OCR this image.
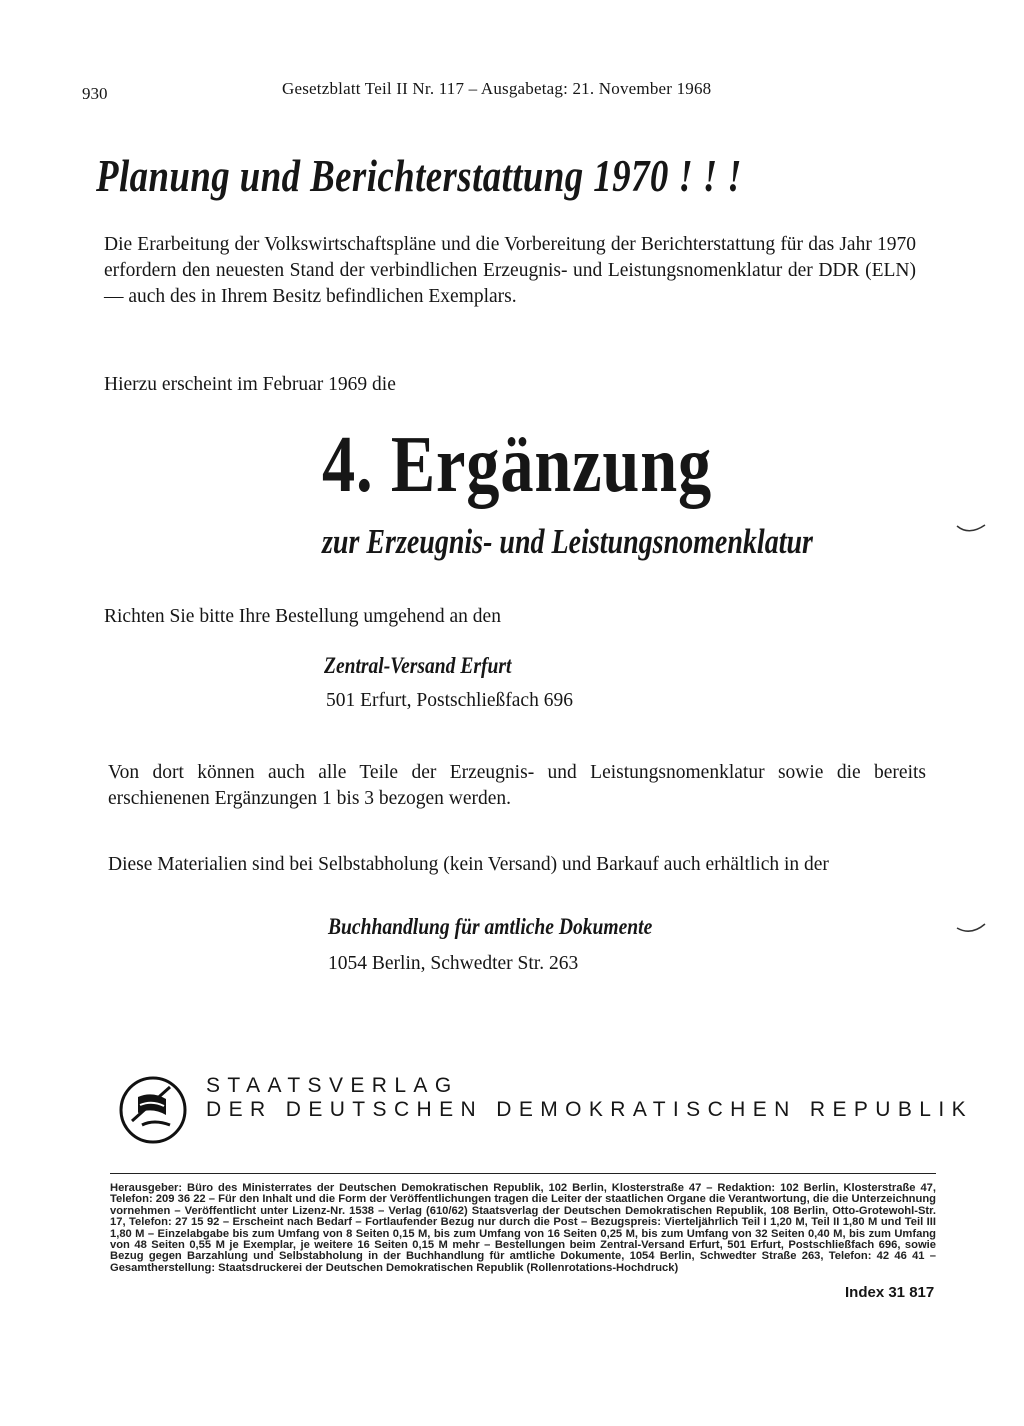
930	Gesetzblatt Teil II Nr. 117 – Ausgabetag: 21. November 1968
Planung und Berichterstattung 1970 ! ! !

Die Erarbeitung der Volkswirtschaftspläne und die Vorbereitung der Berichterstattung für das Jahr 1970 erfordern den neuesten Stand der verbindlichen Erzeugnis- und Leistungsnomenklatur der DDR (ELN) — auch des in Ihrem Besitz befindlichen Exemplars.

Hierzu erscheint im Februar 1969 die

4. Ergänzung
zur Erzeugnis- und Leistungsnomenklatur

Richten Sie bitte Ihre Bestellung umgehend an den

Zentral-Versand Erfurt
501 Erfurt, Postschließfach 696

Von dort können auch alle Teile der Erzeugnis- und Leistungsnomenklatur sowie die bereits erschienenen Ergänzungen 1 bis 3 bezogen werden.

Diese Materialien sind bei Selbstabholung (kein Versand) und Barkauf auch erhältlich in der

Buchhandlung für amtliche Dokumente
1054 Berlin, Schwedter Str. 263
STAATSVERLAG
DER DEUTSCHEN DEMOKRATISCHEN REPUBLIK

Herausgeber: Büro des Ministerrates der Deutschen Demokratischen Republik, 102 Berlin, Klosterstraße 47 – Redaktion: 102 Berlin, Klosterstraße 47, Telefon: 209 36 22 – Für den Inhalt und die Form der Veröffentlichungen tragen die Leiter der staatlichen Organe die Verantwortung, die die Unterzeichnung vornehmen – Veröffentlicht unter Lizenz-Nr. 1538 – Verlag (610/62) Staatsverlag der Deutschen Demokratischen Republik, 108 Berlin, Otto-Grotewohl-Str. 17, Telefon: 27 15 92 – Erscheint nach Bedarf – Fortlaufender Bezug nur durch die Post – Bezugspreis: Vierteljährlich Teil I 1,20 M, Teil II 1,80 M und Teil III 1,80 M – Einzelabgabe bis zum Umfang von 8 Seiten 0,15 M, bis zum Umfang von 16 Seiten 0,25 M, bis zum Umfang von 32 Seiten 0,40 M, bis zum Umfang von 48 Seiten 0,55 M je Exemplar, je weitere 16 Seiten 0,15 M mehr – Bestellungen beim Zentral-Versand Erfurt, 501 Erfurt, Postschließfach 696, sowie Bezug gegen Barzahlung und Selbstabholung in der Buchhandlung für amtliche Dokumente, 1054 Berlin, Schwedter Straße 263, Telefon: 42 46 41 – Gesamtherstellung: Staatsdruckerei der Deutschen Demokratischen Republik (Rollenrotations-Hochdruck)

Index 31 817
